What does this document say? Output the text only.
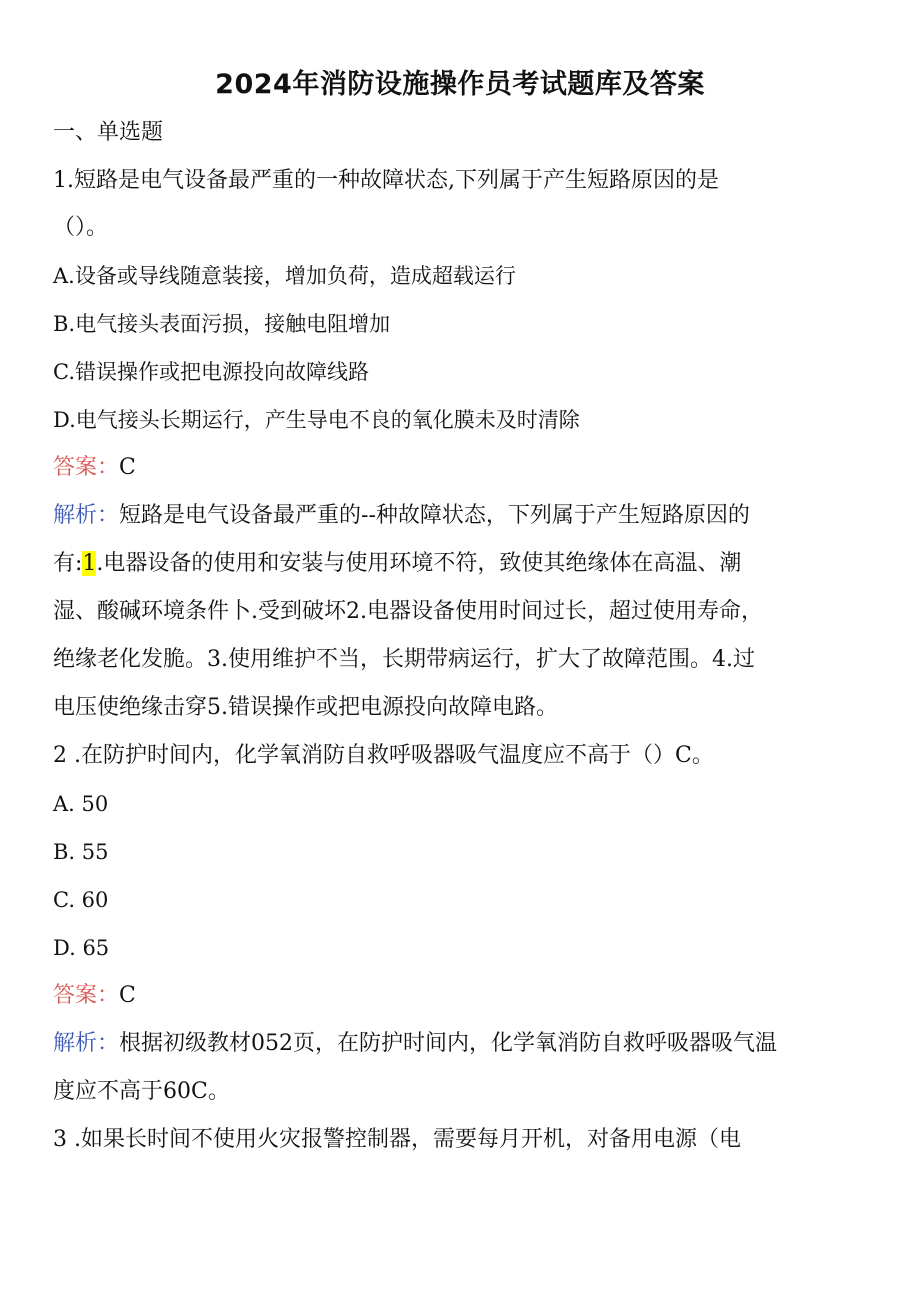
2024年消防设施操作员考试题库及答案
一、单选题
1.短路是电气设备最严重的一种故障状态,下列属于产生短路原因的是
（）。
A.设备或导线随意装接，增加负荷，造成超载运行
B.电气接头表面污损，接触电阻增加
C.错误操作或把电源投向故障线路
D.电气接头长期运行，产生导电不良的氧化膜未及时清除
答案：C
解析：短路是电气设备最严重的--种故障状态，下列属于产生短路原因的
有:1.电器设备的使用和安装与使用环境不符，致使其绝缘体在高温、潮
湿、酸碱环境条件卜.受到破坏2.电器设备使用时间过长，超过使用寿命，
绝缘老化发脆。3.使用维护不当，长期带病运行，扩大了故障范围。4.过
电压使绝缘击穿5.错误操作或把电源投向故障电路。
2 .在防护时间内，化学氧消防自救呼吸器吸气温度应不高于（）C。
A. 50
B. 55
C. 60
D. 65
答案：C
解析：根据初级教材052页，在防护时间内，化学氧消防自救呼吸器吸气温
度应不高于60C。
3 .如果长时间不使用火灾报警控制器，需要每月开机，对备用电源（电
